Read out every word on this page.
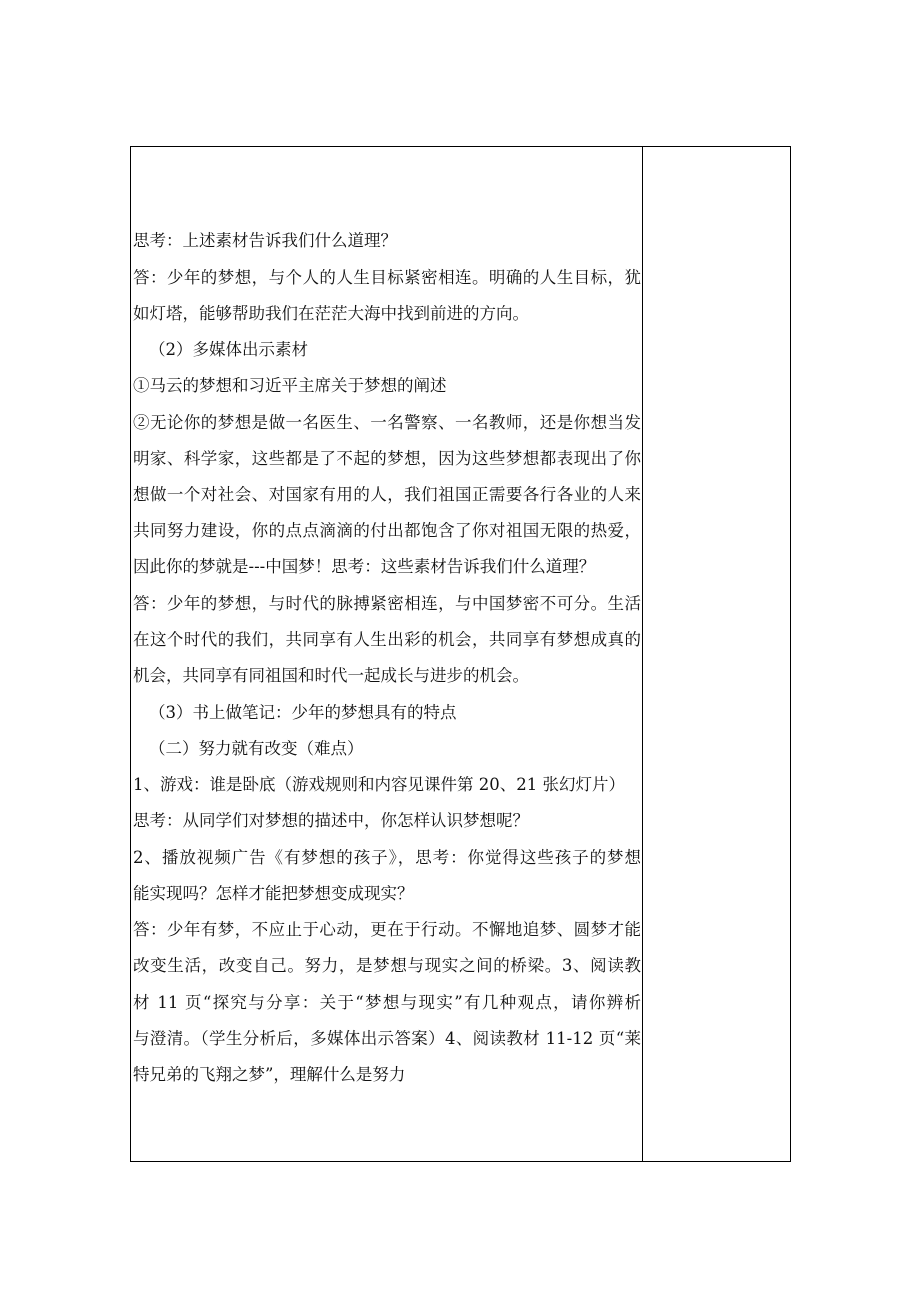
思考：上述素材告诉我们什么道理？
答：少年的梦想，与个人的人生目标紧密相连。明确的人生目标，犹
如灯塔，能够帮助我们在茫茫大海中找到前进的方向。
（2）多媒体出示素材
①马云的梦想和习近平主席关于梦想的阐述
②无论你的梦想是做一名医生、一名警察、一名教师，还是你想当发
明家、科学家，这些都是了不起的梦想，因为这些梦想都表现出了你
想做一个对社会、对国家有用的人，我们祖国正需要各行各业的人来
共同努力建设，你的点点滴滴的付出都饱含了你对祖国无限的热爱，
因此你的梦就是---中国梦！思考：这些素材告诉我们什么道理？
答：少年的梦想，与时代的脉搏紧密相连，与中国梦密不可分。生活
在这个时代的我们，共同享有人生出彩的机会，共同享有梦想成真的
机会，共同享有同祖国和时代一起成长与进步的机会。
（3）书上做笔记：少年的梦想具有的特点
（二）努力就有改变（难点）
1、游戏：谁是卧底（游戏规则和内容见课件第 20、21 张幻灯片）
思考：从同学们对梦想的描述中，你怎样认识梦想呢？
2、播放视频广告《有梦想的孩子》，思考：你觉得这些孩子的梦想
能实现吗？怎样才能把梦想变成现实？
答：少年有梦，不应止于心动，更在于行动。不懈地追梦、圆梦才能
改变生活，改变自己。努力，是梦想与现实之间的桥梁。3、阅读教
材 11 页“探究与分享：关于“梦想与现实”有几种观点，请你辨析
与澄清。（学生分析后，多媒体出示答案）4、阅读教材 11-12 页“莱
特兄弟的飞翔之梦”，理解什么是努力
